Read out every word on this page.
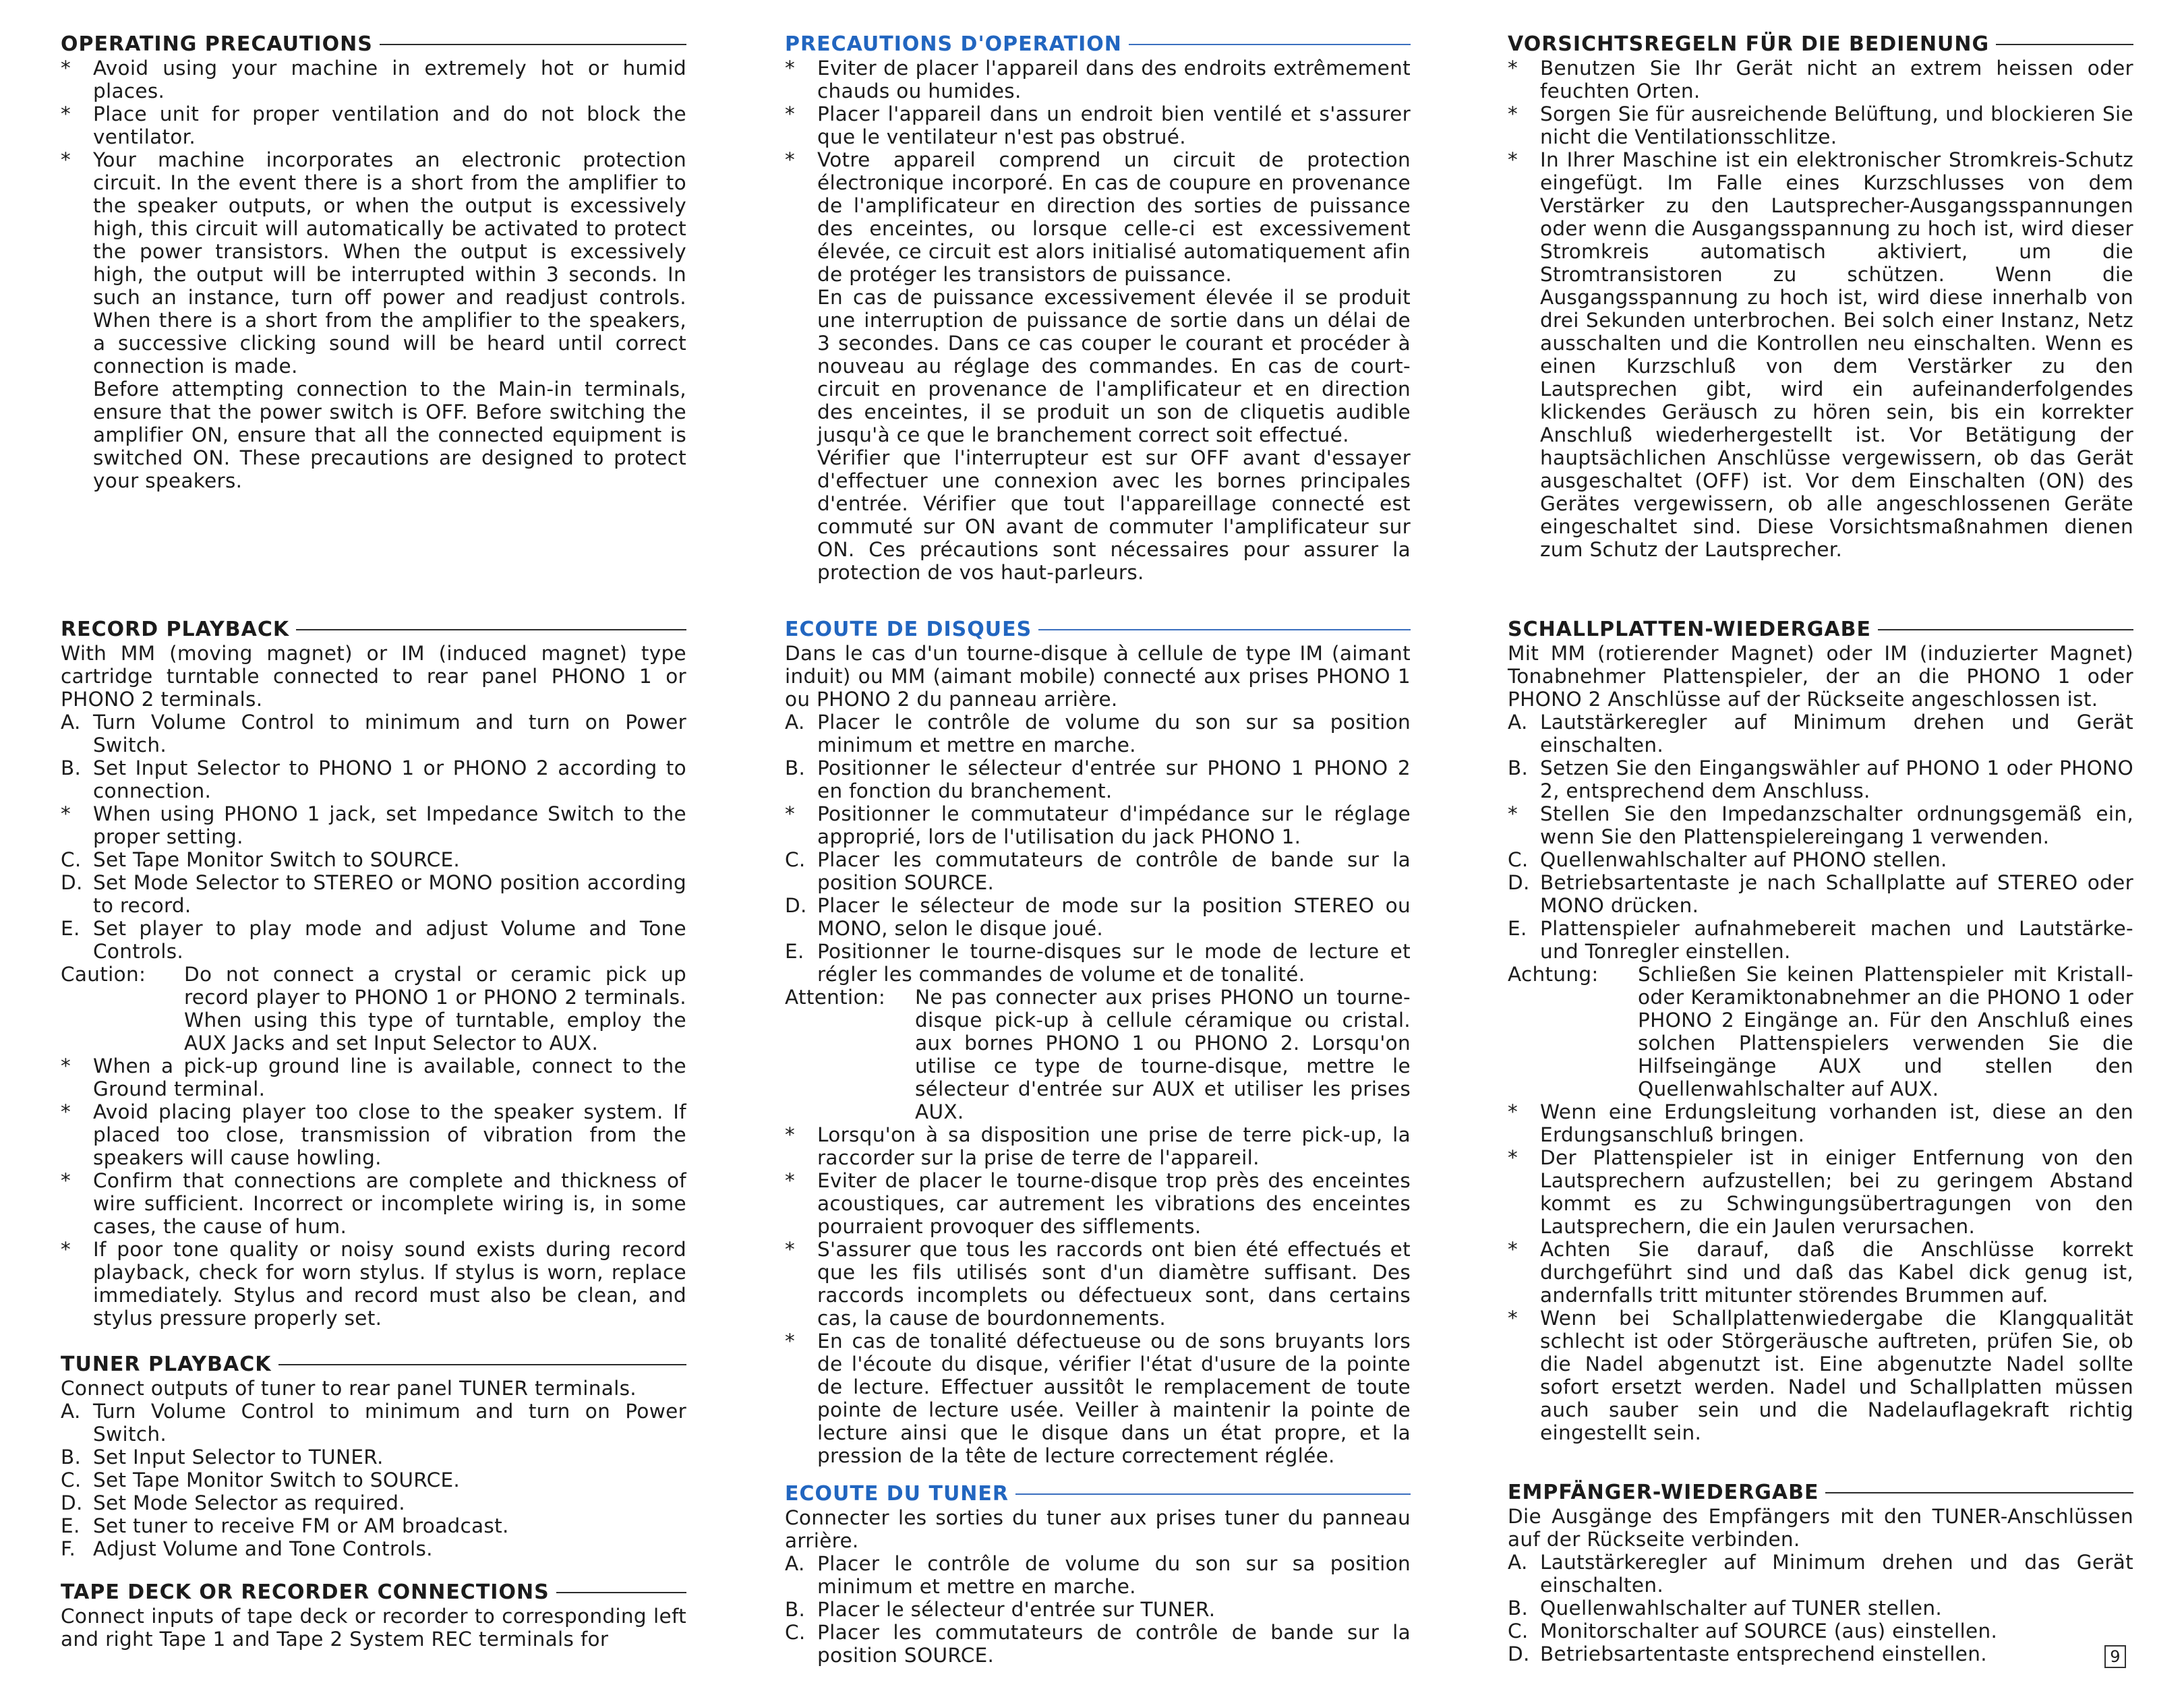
OPERATING PRECAUTIONS
*	Avoid using your machine in extremely hot or humid places.
*	Place unit for proper ventilation and do not block the ventilator.
*	Your machine incorporates an electronic protection circuit. In the event there is a short from the amplifier to the speaker outputs, or when the output is excessively high, this circuit will automatically be activated to protect the power transistors. When the output is excessively high, the output will be interrupted within 3 seconds. In such an instance, turn off power and readjust controls. When there is a short from the amplifier to the speakers, a successive clicking sound will be heard until correct connection is made.

Before attempting connection to the Main-in terminals, ensure that the power switch is OFF. Before switching the amplifier ON, ensure that all the connected equipment is switched ON. These precautions are designed to protect your speakers.

RECORD PLAYBACK

With MM (moving magnet) or IM (induced magnet) type cartridge turntable connected to rear panel PHONO 1 or PHONO 2 terminals.

A. Turn Volume Control to minimum and turn on Power Switch.
B. Set Input Selector to PHONO 1 or PHONO 2 according to connection.
*	When using PHONO 1 jack, set Impedance Switch to the proper setting.
C. Set Tape Monitor Switch to SOURCE.
D. Set Mode Selector to STEREO or MONO position according to record.
E. Set player to play mode and adjust Volume and Tone Controls.
Caution:	Do not connect a crystal or ceramic pick up record player to PHONO 1 or PHONO 2 terminals. When using this type of turntable, employ the AUX Jacks and set Input Selector to AUX.
*	When a pick-up ground line is available, connect to the Ground terminal.
*	Avoid placing player too close to the speaker system. If placed too close, transmission of vibration from the speakers will cause howling.
*	Confirm that connections are complete and thickness of wire sufficient. Incorrect or incomplete wiring is, in some cases, the cause of hum.
*	If poor tone quality or noisy sound exists during record playback, check for worn stylus. If stylus is worn, replace immediately. Stylus and record must also be clean, and stylus pressure properly set.
TUNER PLAYBACK

Connect outputs of tuner to rear panel TUNER terminals.

A. Turn Volume Control to minimum and turn on Power Switch.
B. Set Input Selector to TUNER.
C. Set Tape Monitor Switch to SOURCE.
D. Set Mode Selector as required.
E. Set tuner to receive FM or AM broadcast.
F. Adjust Volume and Tone Controls.
TAPE DECK OR RECORDER CONNECTIONS

Connect inputs of tape deck or recorder to corresponding left and right Tape 1 and Tape 2 System REC terminals for

PRECAUTIONS D'OPERATION
*	Eviter de placer l'appareil dans des endroits extrêmement chauds ou humides.
*	Placer l'appareil dans un endroit bien ventilé et s'assurer que le ventilateur n'est pas obstrué.
*	Votre appareil comprend un circuit de protection électronique incorporé. En cas de coupure en provenance de l'amplificateur en direction des sorties de puissance des enceintes, ou lorsque celle-ci est excessivement élevée, ce circuit est alors initialisé automatiquement afin de protéger les transistors de puissance.

En cas de puissance excessivement élevée il se produit une interruption de puissance de sortie dans un délai de 3 secondes. Dans ce cas couper le courant et procéder à nouveau au réglage des commandes. En cas de court-circuit en provenance de l'amplificateur et en direction des enceintes, il se produit un son de cliquetis audible jusqu'à ce que le branchement correct soit effectué.

Vérifier que l'interrupteur est sur OFF avant d'essayer d'effectuer une connexion avec les bornes principales d'entrée. Vérifier que tout l'appareillage connecté est commuté sur ON avant de commuter l'amplificateur sur ON. Ces précautions sont nécessaires pour assurer la protection de vos haut-parleurs.

ECOUTE DE DISQUES

Dans le cas d'un tourne-disque à cellule de type IM (aimant induit) ou MM (aimant mobile) connecté aux prises PHONO 1 ou PHONO 2 du panneau arrière.

A. Placer le contrôle de volume du son sur sa position minimum et mettre en marche.
B. Positionner le sélecteur d'entrée sur PHONO 1 PHONO 2 en fonction du branchement.
*	Positionner le commutateur d'impédance sur le réglage approprié, lors de l'utilisation du jack PHONO 1.
C. Placer les commutateurs de contrôle de bande sur la position SOURCE.
D. Placer le sélecteur de mode sur la position STEREO ou MONO, selon le disque joué.
E. Positionner le tourne-disques sur le mode de lecture et régler les commandes de volume et de tonalité.
Attention:	Ne pas connecter aux prises PHONO un tourne-disque pick-up à cellule céramique ou cristal. aux bornes PHONO 1 ou PHONO 2. Lorsqu'on utilise ce type de tourne-disque, mettre le sélecteur d'entrée sur AUX et utiliser les prises AUX.
*	Lorsqu'on à sa disposition une prise de terre pick-up, la raccorder sur la prise de terre de l'appareil.
*	Eviter de placer le tourne-disque trop près des enceintes acoustiques, car autrement les vibrations des enceintes pourraient provoquer des sifflements.
*	S'assurer que tous les raccords ont bien été effectués et que les fils utilisés sont d'un diamètre suffisant. Des raccords incomplets ou défectueux sont, dans certains cas, la cause de bourdonnements.
*	En cas de tonalité défectueuse ou de sons bruyants lors de l'écoute du disque, vérifier l'état d'usure de la pointe de lecture. Effectuer aussitôt le remplacement de toute pointe de lecture usée. Veiller à maintenir la pointe de lecture ainsi que le disque dans un état propre, et la pression de la tête de lecture correctement réglée.
ECOUTE DU TUNER

Connecter les sorties du tuner aux prises tuner du panneau arrière.

A. Placer le contrôle de volume du son sur sa position minimum et mettre en marche.
B. Placer le sélecteur d'entrée sur TUNER.
C. Placer les commutateurs de contrôle de bande sur la position SOURCE.
VORSICHTSREGELN FÜR DIE BEDIENUNG
*	Benutzen Sie Ihr Gerät nicht an extrem heissen oder feuchten Orten.
*	Sorgen Sie für ausreichende Belüftung, und blockieren Sie nicht die Ventilationsschlitze.
*	In Ihrer Maschine ist ein elektronischer Stromkreis-Schutz eingefügt. Im Falle eines Kurzschlusses von dem Verstärker zu den Lautsprecher-Ausgangsspannungen oder wenn die Ausgangsspannung zu hoch ist, wird dieser Stromkreis automatisch aktiviert, um die Stromtransistoren zu schützen. Wenn die Ausgangsspannung zu hoch ist, wird diese innerhalb von drei Sekunden unterbrochen. Bei solch einer Instanz, Netz ausschalten und die Kontrollen neu einschalten. Wenn es einen Kurzschluß von dem Verstärker zu den Lautsprechen gibt, wird ein aufeinanderfolgendes klickendes Geräusch zu hören sein, bis ein korrekter Anschluß wiederhergestellt ist. Vor Betätigung der hauptsächlichen Anschlüsse vergewissern, ob das Gerät ausgeschaltet (OFF) ist. Vor dem Einschalten (ON) des Gerätes vergewissern, ob alle angeschlossenen Geräte eingeschaltet sind. Diese Vorsichtsmaßnahmen dienen zum Schutz der Lautsprecher.
SCHALLPLATTEN-WIEDERGABE

Mit MM (rotierender Magnet) oder IM (induzierter Magnet) Tonabnehmer Plattenspieler, der an die PHONO 1 oder PHONO 2 Anschlüsse auf der Rückseite angeschlossen ist.

A. Lautstärkeregler auf Minimum drehen und Gerät einschalten.
B. Setzen Sie den Eingangswähler auf PHONO 1 oder PHONO 2, entsprechend dem Anschluss.
*	Stellen Sie den Impedanzschalter ordnungsgemäß ein, wenn Sie den Plattenspielereingang 1 verwenden.
C. Quellenwahlschalter auf PHONO stellen.
D. Betriebsartentaste je nach Schallplatte auf STEREO oder MONO drücken.
E. Plattenspieler aufnahmebereit machen und Lautstärke-und Tonregler einstellen.
Achtung:	Schließen Sie keinen Plattenspieler mit Kristall-oder Keramiktonabnehmer an die PHONO 1 oder PHONO 2 Eingänge an. Für den Anschluß eines solchen Plattenspielers verwenden Sie die Hilfseingänge AUX und stellen den Quellenwahlschalter auf AUX.
*	Wenn eine Erdungsleitung vorhanden ist, diese an den Erdungsanschluß bringen.
*	Der Plattenspieler ist in einiger Entfernung von den Lautsprechern aufzustellen; bei zu geringem Abstand kommt es zu Schwingungsübertragungen von den Lautsprechern, die ein Jaulen verursachen.
*	Achten Sie darauf, daß die Anschlüsse korrekt durchgeführt sind und daß das Kabel dick genug ist, andernfalls tritt mitunter störendes Brummen auf.
*	Wenn bei Schallplattenwiedergabe die Klangqualität schlecht ist oder Störgeräusche auftreten, prüfen Sie, ob die Nadel abgenutzt ist. Eine abgenutzte Nadel sollte sofort ersetzt werden. Nadel und Schallplatten müssen auch sauber sein und die Nadelauflagekraft richtig eingestellt sein.
EMPFÄNGER-WIEDERGABE

Die Ausgänge des Empfängers mit den TUNER-Anschlüssen auf der Rückseite verbinden.

A. Lautstärkeregler auf Minimum drehen und das Gerät einschalten.
B. Quellenwahlschalter auf TUNER stellen.
C. Monitorschalter auf SOURCE (aus) einstellen.
D. Betriebsartentaste entsprechend einstellen.	9
